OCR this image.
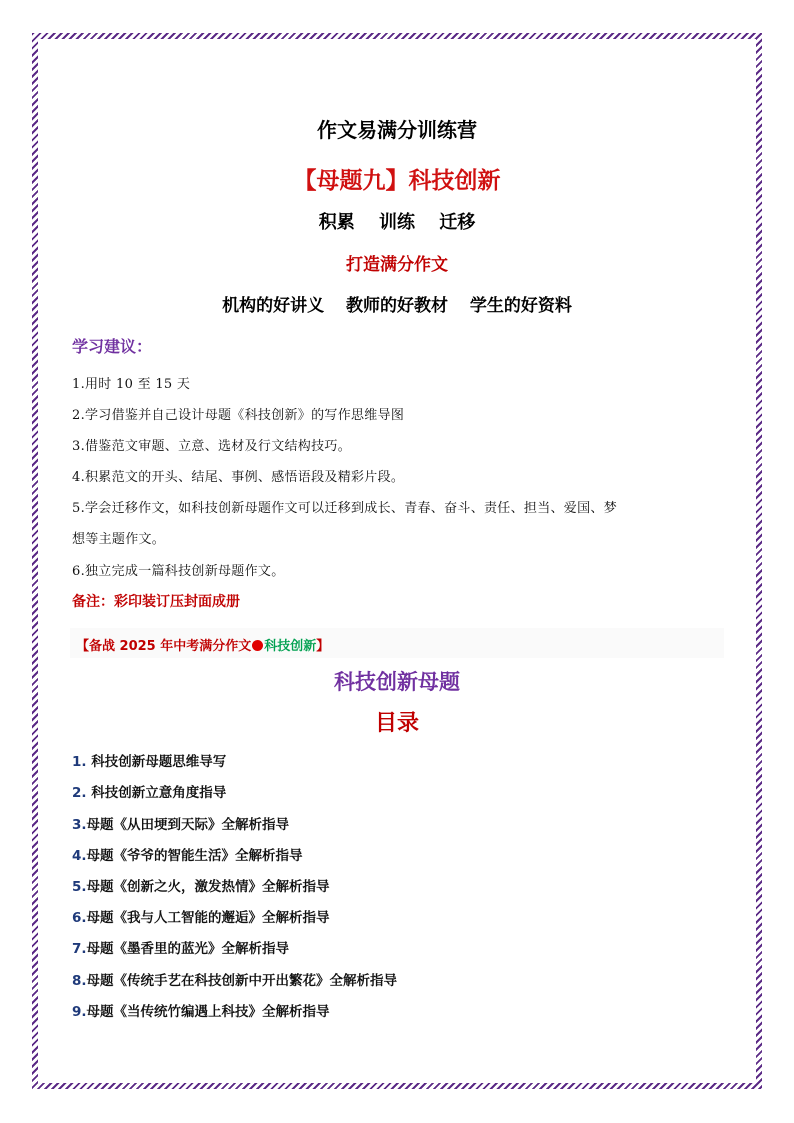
作文易满分训练营
【母题九】科技创新
积累 训练 迁移
打造满分作文
机构的好讲义 教师的好教材 学生的好资料
学习建议：
1.用时 10 至 15 天
2.学习借鉴并自己设计母题《科技创新》的写作思维导图
3.借鉴范文审题、立意、选材及行文结构技巧。
4.积累范文的开头、结尾、事例、感悟语段及精彩片段。
5.学会迁移作文，如科技创新母题作文可以迁移到成长、青春、奋斗、责任、担当、爱国、梦
想等主题作文。
6.独立完成一篇科技创新母题作文。
备注：彩印装订压封面成册
【备战 2025 年中考满分作文 科技创新】
科技创新母题
目录
1. 科技创新母题思维导写
2. 科技创新立意角度指导
3.母题《从田埂到天际》全解析指导
4.母题《爷爷的智能生活》全解析指导
5.母题《创新之火，激发热情》全解析指导
6.母题《我与人工智能的邂逅》全解析指导
7.母题《墨香里的蓝光》全解析指导
8.母题《传统手艺在科技创新中开出繁花》全解析指导
9.母题《当传统竹编遇上科技》全解析指导
